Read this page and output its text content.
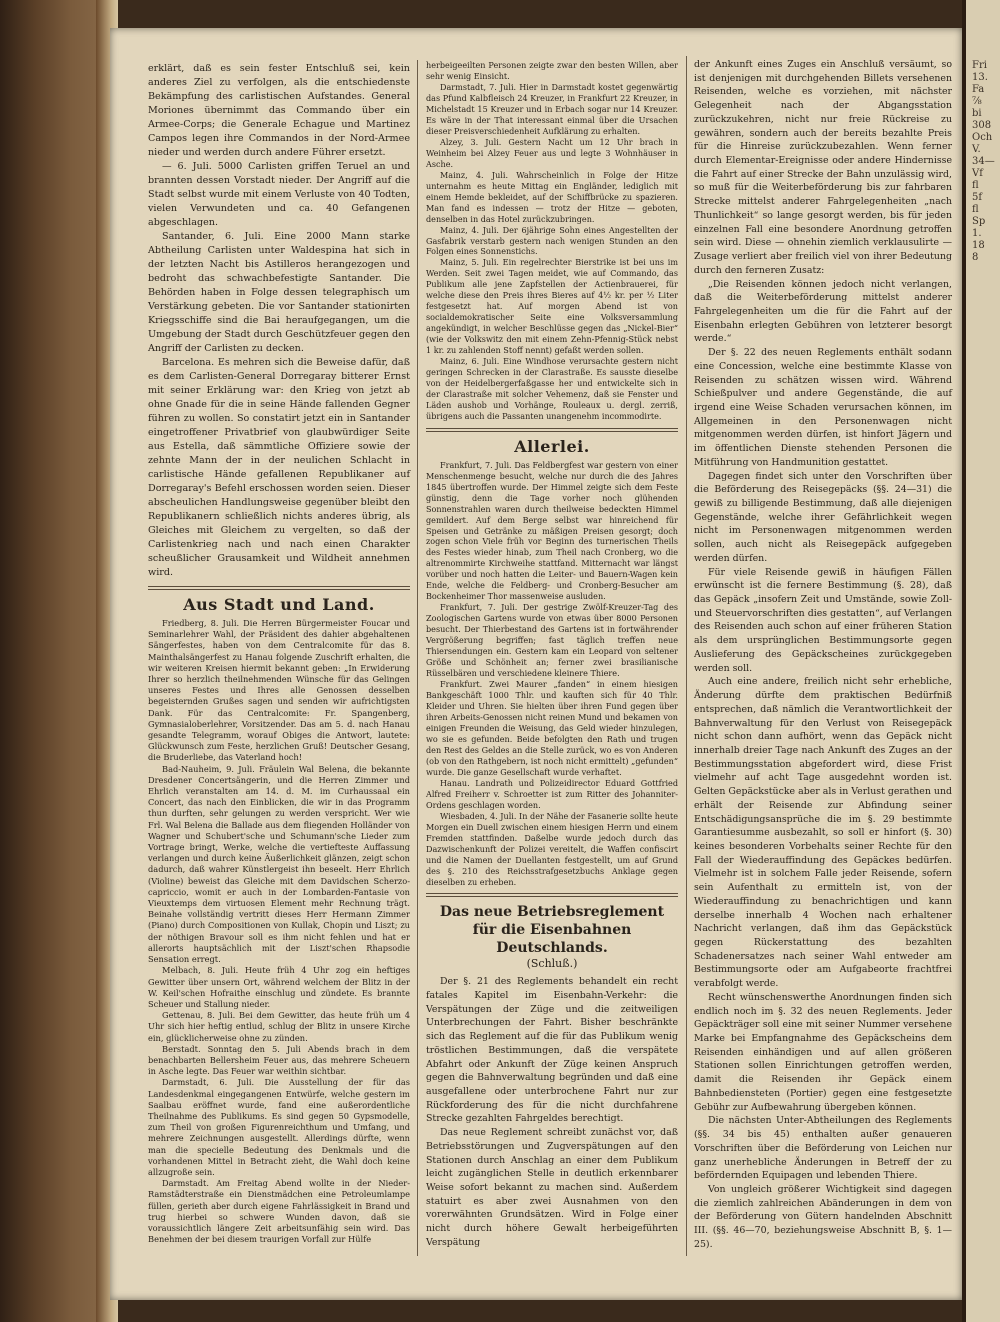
erklärt, daß es sein fester Entschluß sei, kein anderes Ziel zu verfolgen, als die entschiedenste Bekämpfung des carlistischen Aufstandes. General Moriones übernimmt das Commando über ein Armee-Corps; die Generale Echague und Martinez Campos legen ihre Commandos in der Nord-Armee nieder und werden durch andere Führer ersetzt.

— 6. Juli. 5000 Carlisten griffen Teruel an und brannten dessen Vorstadt nieder. Der Angriff auf die Stadt selbst wurde mit einem Verluste von 40 Todten, vielen Verwundeten und ca. 40 Gefangenen abgeschlagen.

Santander, 6. Juli. Eine 2000 Mann starke Abtheilung Carlisten unter Waldespina hat sich in der letzten Nacht bis Astilleros herangezogen und bedroht das schwachbefestigte Santander. Die Behörden haben in Folge dessen telegraphisch um Verstärkung gebeten. Die vor Santander stationirten Kriegsschiffe sind die Bai heraufgegangen, um die Umgebung der Stadt durch Geschützfeuer gegen den Angriff der Carlisten zu decken.

Barcelona. Es mehren sich die Beweise dafür, daß es dem Carlisten-General Dorregaray bitterer Ernst mit seiner Erklärung war: den Krieg von jetzt ab ohne Gnade für die in seine Hände fallenden Gegner führen zu wollen. So constatirt jetzt ein in Santander eingetroffener Privatbrief von glaubwürdiger Seite aus Estella, daß sämmtliche Offiziere sowie der zehnte Mann der in der neulichen Schlacht in carlistische Hände gefallenen Republikaner auf Dorregaray's Befehl erschossen worden seien. Dieser abscheulichen Handlungsweise gegenüber bleibt den Republikanern schließlich nichts anderes übrig, als Gleiches mit Gleichem zu vergelten, so daß der Carlistenkrieg nach und nach einen Charakter scheußlicher Grausamkeit und Wildheit annehmen wird.

Aus Stadt und Land.

Friedberg, 8. Juli. Die Herren Bürgermeister Foucar und Seminarlehrer Wahl, der Präsident des dahier abgehaltenen Sängerfestes, haben von dem Centralcomite für das 8. Mainthalsängerfest zu Hanau folgende Zuschrift erhalten, die wir weiteren Kreisen hiermit bekannt geben: „In Erwiderung Ihrer so herzlich theilnehmenden Wünsche für das Gelingen unseres Festes und Ihres alle Genossen desselben begeisternden Grußes sagen und senden wir aufrichtigsten Dank. Für das Centralcomite: Fr. Spangenberg, Gymnasialoberlehrer, Vorsitzender. Das am 5. d. nach Hanau gesandte Telegramm, worauf Obiges die Antwort, lautete: Glückwunsch zum Feste, herzlichen Gruß! Deutscher Gesang, die Bruderliebe, das Vaterland hoch!

Bad-Nauheim, 9. Juli. Fräulein Wal Belena, die bekannte Dresdener Concertsängerin, und die Herren Zimmer und Ehrlich veranstalten am 14. d. M. im Curhaussaal ein Concert, das nach den Einblicken, die wir in das Programm thun durften, sehr gelungen zu werden verspricht. Wer wie Frl. Wal Belena die Ballade aus dem fliegenden Holländer von Wagner und Schubert'sche und Schumann'sche Lieder zum Vortrage bringt, Werke, welche die vertiefteste Auffassung verlangen und durch keine Äußerlichkeit glänzen, zeigt schon dadurch, daß wahrer Künstlergeist ihn beseelt. Herr Ehrlich (Violine) beweist das Gleiche mit dem Davidschen Scherzo-capriccio, womit er auch in der Lombarden-Fantasie von Vieuxtemps dem virtuosen Element mehr Rechnung trägt. Beinahe vollständig vertritt dieses Herr Hermann Zimmer (Piano) durch Compositionen von Kullak, Chopin und Liszt; zu der nöthigen Bravour soll es ihm nicht fehlen und hat er allerorts hauptsächlich mit der Liszt'schen Rhapsodie Sensation erregt.

Melbach, 8. Juli. Heute früh 4 Uhr zog ein heftiges Gewitter über unsern Ort, während welchem der Blitz in der W. Keil'schen Hofraithe einschlug und zündete. Es brannte Scheuer und Stallung nieder.

Gettenau, 8. Juli. Bei dem Gewitter, das heute früh um 4 Uhr sich hier heftig entlud, schlug der Blitz in unsere Kirche ein, glücklicherweise ohne zu zünden.

Berstadt. Sonntag den 5. Juli Abends brach in dem benachbarten Bellersheim Feuer aus, das mehrere Scheuern in Asche legte. Das Feuer war weithin sichtbar.

Darmstadt, 6. Juli. Die Ausstellung der für das Landesdenkmal eingegangenen Entwürfe, welche gestern im Saalbau eröffnet wurde, fand eine außerordentliche Theilnahme des Publikums. Es sind gegen 50 Gypsmodelle, zum Theil von großen Figurenreichthum und Umfang, und mehrere Zeichnungen ausgestellt. Allerdings dürfte, wenn man die specielle Bedeutung des Denkmals und die vorhandenen Mittel in Betracht zieht, die Wahl doch keine allzugroße sein.

Darmstadt. Am Freitag Abend wollte in der Nieder-Ramstädterstraße ein Dienstmädchen eine Petroleumlampe füllen, gerieth aber durch eigene Fahrlässigkeit in Brand und trug hierbei so schwere Wunden davon, daß sie voraussichtlich längere Zeit arbeitsunfähig sein wird. Das Benehmen der bei diesem traurigen Vorfall zur Hülfe

herbeigeeilten Personen zeigte zwar den besten Willen, aber sehr wenig Einsicht.

Darmstadt, 7. Juli. Hier in Darmstadt kostet gegenwärtig das Pfund Kalbfleisch 24 Kreuzer, in Frankfurt 22 Kreuzer, in Michelstadt 15 Kreuzer und in Erbach sogar nur 14 Kreuzer. Es wäre in der That interessant einmal über die Ursachen dieser Preisverschiedenheit Aufklärung zu erhalten.

Alzey, 3. Juli. Gestern Nacht um 12 Uhr brach in Weinheim bei Alzey Feuer aus und legte 3 Wohnhäuser in Asche.

Mainz, 4. Juli. Wahrscheinlich in Folge der Hitze unternahm es heute Mittag ein Engländer, lediglich mit einem Hemde bekleidet, auf der Schiffbrücke zu spazieren. Man fand es indessen — trotz der Hitze — geboten, denselben in das Hotel zurückzubringen.

Mainz, 4. Juli. Der 6jährige Sohn eines Angestellten der Gasfabrik verstarb gestern nach wenigen Stunden an den Folgen eines Sonnenstichs.

Mainz, 5. Juli. Ein regelrechter Bierstrike ist bei uns im Werden. Seit zwei Tagen meidet, wie auf Commando, das Publikum alle jene Zapfstellen der Actienbrauerei, für welche diese den Preis ihres Bieres auf 4½ kr. per ½ Liter festgesetzt hat. Auf morgen Abend ist von socialdemokratischer Seite eine Volksversammlung angekündigt, in welcher Beschlüsse gegen das „Nickel-Bier“ (wie der Volkswitz den mit einem Zehn-Pfennig-Stück nebst 1 kr. zu zahlenden Stoff nennt) gefaßt werden sollen.

Mainz, 6. Juli. Eine Windhose verursachte gestern nicht geringen Schrecken in der Clarastraße. Es sausste dieselbe von der Heidelbergerfaßgasse her und entwickelte sich in der Clarastraße mit solcher Vehemenz, daß sie Fenster und Läden aushob und Vorhänge, Rouleaux u. dergl. zerriß, übrigens auch die Passanten unangenehm incommodirte.

Allerlei.

Frankfurt, 7. Juli. Das Feldbergfest war gestern von einer Menschenmenge besucht, welche nur durch die des Jahres 1845 übertroffen wurde. Der Himmel zeigte sich dem Feste günstig, denn die Tage vorher noch glühenden Sonnenstrahlen waren durch theilweise bedeckten Himmel gemildert. Auf dem Berge selbst war hinreichend für Speisen und Getränke zu mäßigen Preisen gesorgt; doch zogen schon Viele früh vor Beginn des turnerischen Theils des Festes wieder hinab, zum Theil nach Cronberg, wo die altrenommirte Kirchweihe stattfand. Mitternacht war längst vorüber und noch hatten die Leiter- und Bauern-Wagen kein Ende, welche die Feldberg- und Cronberg-Besucher am Bockenheimer Thor massenweise ausluden.

Frankfurt, 7. Juli. Der gestrige Zwölf-Kreuzer-Tag des Zoologischen Gartens wurde von etwas über 8000 Personen besucht. Der Thierbestand des Gartens ist in fortwährender Vergrößerung begriffen; fast täglich treffen neue Thiersendungen ein. Gestern kam ein Leopard von seltener Größe und Schönheit an; ferner zwei brasilianische Rüsselbären und verschiedene kleinere Thiere.

Frankfurt. Zwei Maurer „fanden“ in einem hiesigen Bankgeschäft 1000 Thlr. und kauften sich für 40 Thlr. Kleider und Uhren. Sie hielten über ihren Fund gegen über ihren Arbeits-Genossen nicht reinen Mund und bekamen von einigen Freunden die Weisung, das Geld wieder hinzulegen, wo sie es gefunden. Beide befolgten den Rath und trugen den Rest des Geldes an die Stelle zurück, wo es von Anderen (ob von den Rathgebern, ist noch nicht ermittelt) „gefunden“ wurde. Die ganze Gesellschaft wurde verhaftet.

Hanau. Landrath und Polizeidirector Eduard Gottfried Alfred Freiherr v. Schroetter ist zum Ritter des Johanniter-Ordens geschlagen worden.

Wiesbaden, 4. Juli. In der Nähe der Fasanerie sollte heute Morgen ein Duell zwischen einem hiesigen Herrn und einem Fremden stattfinden. Daßelbe wurde jedoch durch das Dazwischenkunft der Polizei vereitelt, die Waffen confiscirt und die Namen der Duellanten festgestellt, um auf Grund des §. 210 des Reichsstrafgesetzbuchs Anklage gegen dieselben zu erheben.

Das neue Betriebsreglement für die Eisenbahnen Deutschlands.
(Schluß.)

Der §. 21 des Reglements behandelt ein recht fatales Kapitel im Eisenbahn-Verkehr: die Verspätungen der Züge und die zeitweiligen Unterbrechungen der Fahrt. Bisher beschränkte sich das Reglement auf die für das Publikum wenig tröstlichen Bestimmungen, daß die verspätete Abfahrt oder Ankunft der Züge keinen Anspruch gegen die Bahnverwaltung begründen und daß eine ausgefallene oder unterbrochene Fahrt nur zur Rückforderung des für die nicht durchfahrene Strecke gezahlten Fahrgeldes berechtigt.

Das neue Reglement schreibt zunächst vor, daß Betriebsstörungen und Zugverspätungen auf den Stationen durch Anschlag an einer dem Publikum leicht zugänglichen Stelle in deutlich erkennbarer Weise sofort bekannt zu machen sind. Außerdem statuirt es aber zwei Ausnahmen von den vorerwähnten Grundsätzen. Wird in Folge einer nicht durch höhere Gewalt herbeigeführten Verspätung

der Ankunft eines Zuges ein Anschluß versäumt, so ist denjenigen mit durchgehenden Billets versehenen Reisenden, welche es vorziehen, mit nächster Gelegenheit nach der Abgangsstation zurückzukehren, nicht nur freie Rückreise zu gewähren, sondern auch der bereits bezahlte Preis für die Hinreise zurückzubezahlen. Wenn ferner durch Elementar-Ereignisse oder andere Hindernisse die Fahrt auf einer Strecke der Bahn unzulässig wird, so muß für die Weiterbeförderung bis zur fahrbaren Strecke mittelst anderer Fahrgelegenheiten „nach Thunlichkeit“ so lange gesorgt werden, bis für jeden einzelnen Fall eine besondere Anordnung getroffen sein wird. Diese — ohnehin ziemlich verklausulirte — Zusage verliert aber freilich viel von ihrer Bedeutung durch den ferneren Zusatz:

„Die Reisenden können jedoch nicht verlangen, daß die Weiterbeförderung mittelst anderer Fahrgelegenheiten um die für die Fahrt auf der Eisenbahn erlegten Gebühren von letzterer besorgt werde.“

Der §. 22 des neuen Reglements enthält sodann eine Concession, welche eine bestimmte Klasse von Reisenden zu schätzen wissen wird. Während Schießpulver und andere Gegenstände, die auf irgend eine Weise Schaden verursachen können, im Allgemeinen in den Personenwagen nicht mitgenommen werden dürfen, ist hinfort Jägern und im öffentlichen Dienste stehenden Personen die Mitführung von Handmunition gestattet.

Dagegen findet sich unter den Vorschriften über die Beförderung des Reisegepäcks (§§. 24—31) die gewiß zu billigende Bestimmung, daß alle diejenigen Gegenstände, welche ihrer Gefährlichkeit wegen nicht im Personenwagen mitgenommen werden sollen, auch nicht als Reisegepäck aufgegeben werden dürfen.

Für viele Reisende gewiß in häufigen Fällen erwünscht ist die fernere Bestimmung (§. 28), daß das Gepäck „insofern Zeit und Umstände, sowie Zoll- und Steuervorschriften dies gestatten“, auf Verlangen des Reisenden auch schon auf einer früheren Station als dem ursprünglichen Bestimmungsorte gegen Auslieferung des Gepäckscheines zurückgegeben werden soll.

Auch eine andere, freilich nicht sehr erhebliche, Änderung dürfte dem praktischen Bedürfniß entsprechen, daß nämlich die Verantwortlichkeit der Bahnverwaltung für den Verlust von Reisegepäck nicht schon dann aufhört, wenn das Gepäck nicht innerhalb dreier Tage nach Ankunft des Zuges an der Bestimmungsstation abgefordert wird, diese Frist vielmehr auf acht Tage ausgedehnt worden ist. Gelten Gepäckstücke aber als in Verlust gerathen und erhält der Reisende zur Abfindung seiner Entschädigungsansprüche die im §. 29 bestimmte Garantiesumme ausbezahlt, so soll er hinfort (§. 30) keines besonderen Vorbehalts seiner Rechte für den Fall der Wiederauffindung des Gepäckes bedürfen. Vielmehr ist in solchem Falle jeder Reisende, sofern sein Aufenthalt zu ermitteln ist, von der Wiederauffindung zu benachrichtigen und kann derselbe innerhalb 4 Wochen nach erhaltener Nachricht verlangen, daß ihm das Gepäckstück gegen Rückerstattung des bezahlten Schadenersatzes nach seiner Wahl entweder am Bestimmungsorte oder am Aufgabeorte frachtfrei verabfolgt werde.

Recht wünschenswerthe Anordnungen finden sich endlich noch im §. 32 des neuen Reglements. Jeder Gepäckträger soll eine mit seiner Nummer versehene Marke bei Empfangnahme des Gepäckscheins dem Reisenden einhändigen und auf allen größeren Stationen sollen Einrichtungen getroffen werden, damit die Reisenden ihr Gepäck einem Bahnbediensteten (Portier) gegen eine festgesetzte Gebühr zur Aufbewahrung übergeben können.

Die nächsten Unter-Abtheilungen des Reglements (§§. 34 bis 45) enthalten außer genaueren Vorschriften über die Beförderung von Leichen nur ganz unerhebliche Änderungen in Betreff der zu befördernden Equipagen und lebenden Thiere.

Von ungleich größerer Wichtigkeit sind dagegen die ziemlich zahlreichen Abänderungen in dem von der Beförderung von Gütern handelnden Abschnitt III. (§§. 46—70, beziehungsweise Abschnitt B, §. 1—25).

Fri
13.
Fa
⅞
bi
308
Och
V.
34—
Vf
fl
5f
fl
Sp
1.
18
8
